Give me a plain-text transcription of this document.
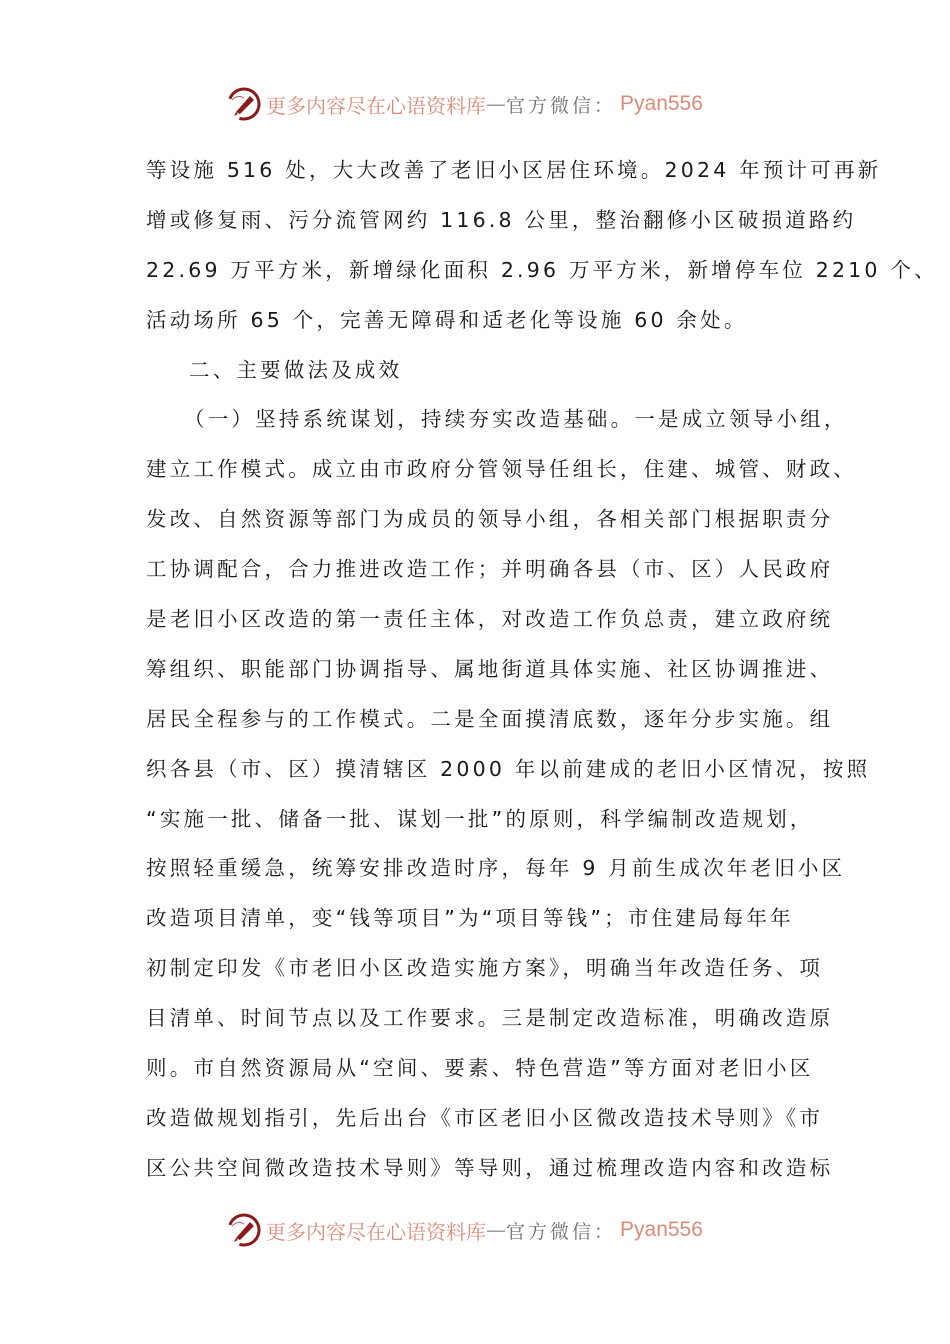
更多内容尽在心语资料库 — 官方微信： Pyan556
等设施 516 处，大大改善了老旧小区居住环境。2024 年预计可再新
增或修复雨、污分流管网约 116.8 公里，整治翻修小区破损道路约
22.69 万平方米，新增绿化面积 2.96 万平方米，新增停车位 2210 个、
活动场所 65 个，完善无障碍和适老化等设施 60 余处。
二、主要做法及成效
（一）坚持系统谋划，持续夯实改造基础。一是成立领导小组，
建立工作模式。成立由市政府分管领导任组长，住建、城管、财政、
发改、自然资源等部门为成员的领导小组，各相关部门根据职责分
工协调配合，合力推进改造工作；并明确各县（市、区）人民政府
是老旧小区改造的第一责任主体，对改造工作负总责，建立政府统
筹组织、职能部门协调指导、属地街道具体实施、社区协调推进、
居民全程参与的工作模式。二是全面摸清底数，逐年分步实施。组
织各县（市、区）摸清辖区 2000 年以前建成的老旧小区情况，按照
“实施一批、储备一批、谋划一批”的原则，科学编制改造规划，
按照轻重缓急，统筹安排改造时序，每年 9 月前生成次年老旧小区
改造项目清单，变“钱等项目”为“项目等钱”；市住建局每年年
初制定印发《市老旧小区改造实施方案》，明确当年改造任务、项
目清单、时间节点以及工作要求。三是制定改造标准，明确改造原
则。市自然资源局从“空间、要素、特色营造”等方面对老旧小区
改造做规划指引，先后出台《市区老旧小区微改造技术导则》《市
区公共空间微改造技术导则》等导则，通过梳理改造内容和改造标
更多内容尽在心语资料库 — 官方微信： Pyan556
